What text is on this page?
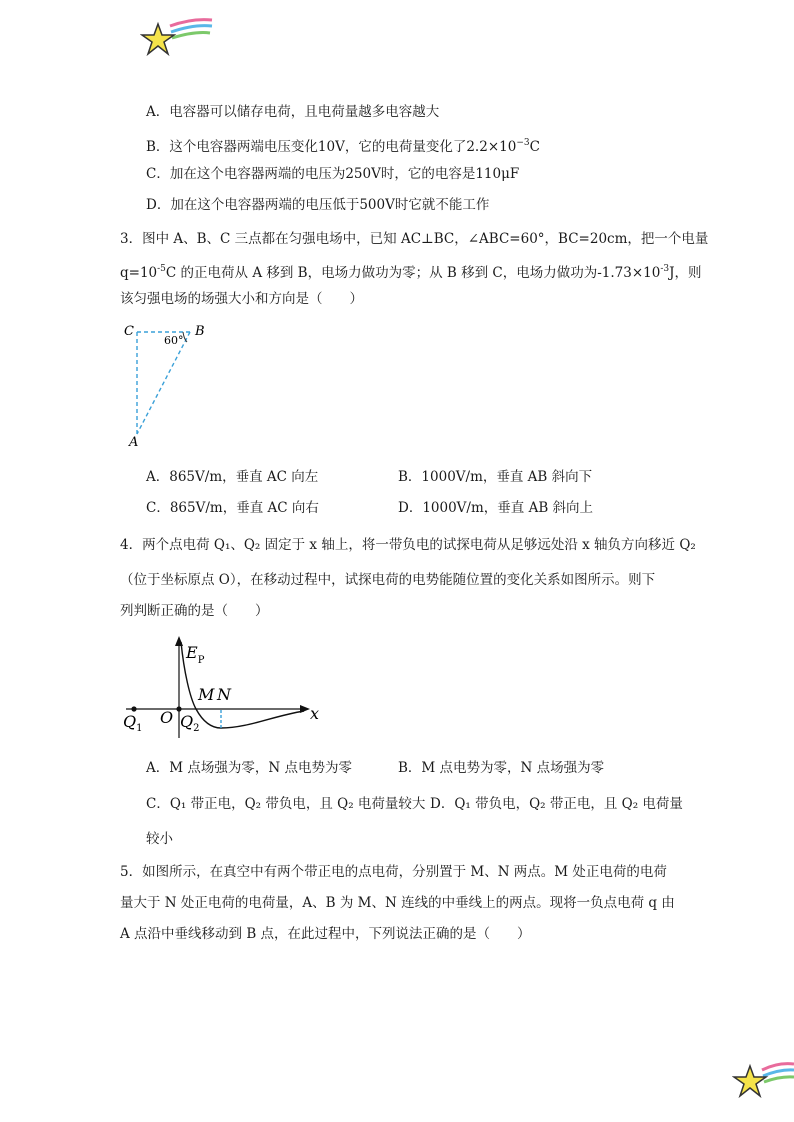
A．电容器可以储存电荷，且电荷量越多电容越大
B．这个电容器两端电压变化10V，它的电荷量变化了$2.2\times 10^{-3}C$
C．加在这个电容器两端的电压为250V时，它的电容是110μF
D．加在这个电容器两端的电压低于500V时它就不能工作
3．图中 A、B、C 三点都在匀强电场中，已知 AC⊥BC，∠ABC=60°，BC=20cm，把一个电量
$q=10^{-5}C$ 的正电荷从 A 移到 B，电场力做功为零；从 B 移到 C，电场力做功为$-1.73\times 10^{-3}J$，则
该匀强电场的场强大小和方向是（　　）
C	B
A
60°
A．865V/m，垂直 AC 向左	B．1000V/m，垂直 AB 斜向下
C．865V/m，垂直 AC 向右	D．1000V/m，垂直 AB 斜向上
4．两个点电荷 Q₁、Q₂ 固定于 x 轴上，将一带负电的试探电荷从足够远处沿 x 轴负方向移近 Q₂
（位于坐标原点 O），在移动过程中，试探电荷的电势能随位置的变化关系如图所示。则下
列判断正确的是（　　）
$E_P$
x
M N
$Q_1$
O $Q_2$
A．M 点场强为零，N 点电势为零	B．M 点电势为零，N 点场强为零
C．Q₁ 带正电，Q₂ 带负电，且 Q₂ 电荷量较大 D．Q₁ 带负电，Q₂ 带正电，且 Q₂ 电荷量
较小
5．如图所示，在真空中有两个带正电的点电荷，分别置于 M、N 两点。M 处正电荷的电荷
量大于 N 处正电荷的电荷量，A、B 为 M、N 连线的中垂线上的两点。现将一负点电荷 q 由
A 点沿中垂线移动到 B 点，在此过程中，下列说法正确的是（　　）
